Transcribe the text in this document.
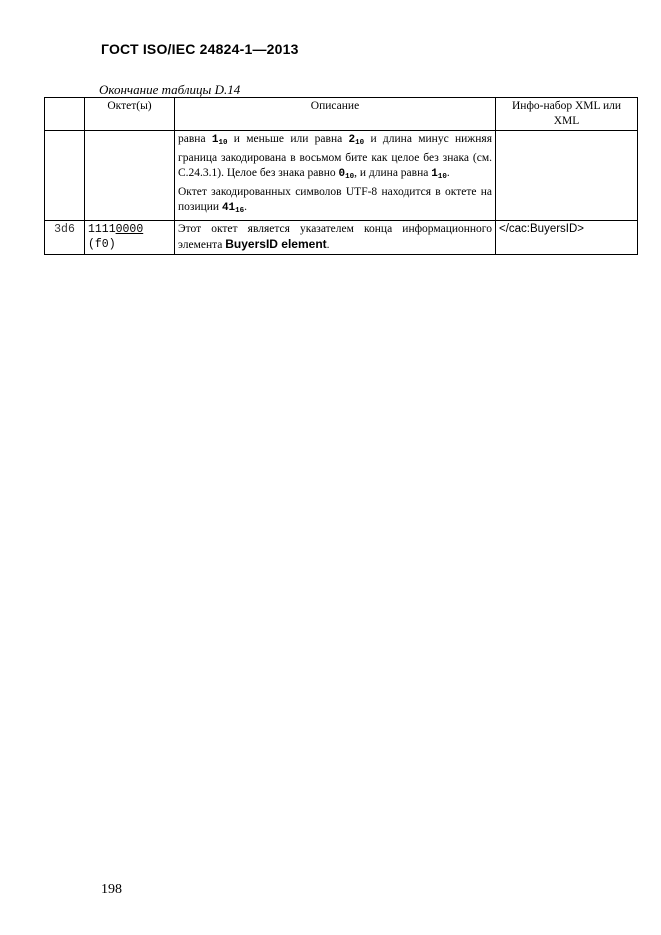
ГОСТ ISO/IEC 24824-1—2013
Окончание таблицы D.14
	Октет(ы)	Описание	Инфо-набор XML или XML
		равна $1_{10}$ и меньше или равна $2_{10}$ и длина минус нижняя граница закодирована в восьмом бите как целое без знака (см. C.24.3.1). Целое без знака равно $0_{10}$, и длина равна $1_{10}$.
Октет закодированных символов UTF-8 находится в октете на позиции $41_{16}$.	
3d6	11110000 (f0)	Этот октет является указателем конца информационного элемента BuyersID element.	</cac:BuyersID>
198
